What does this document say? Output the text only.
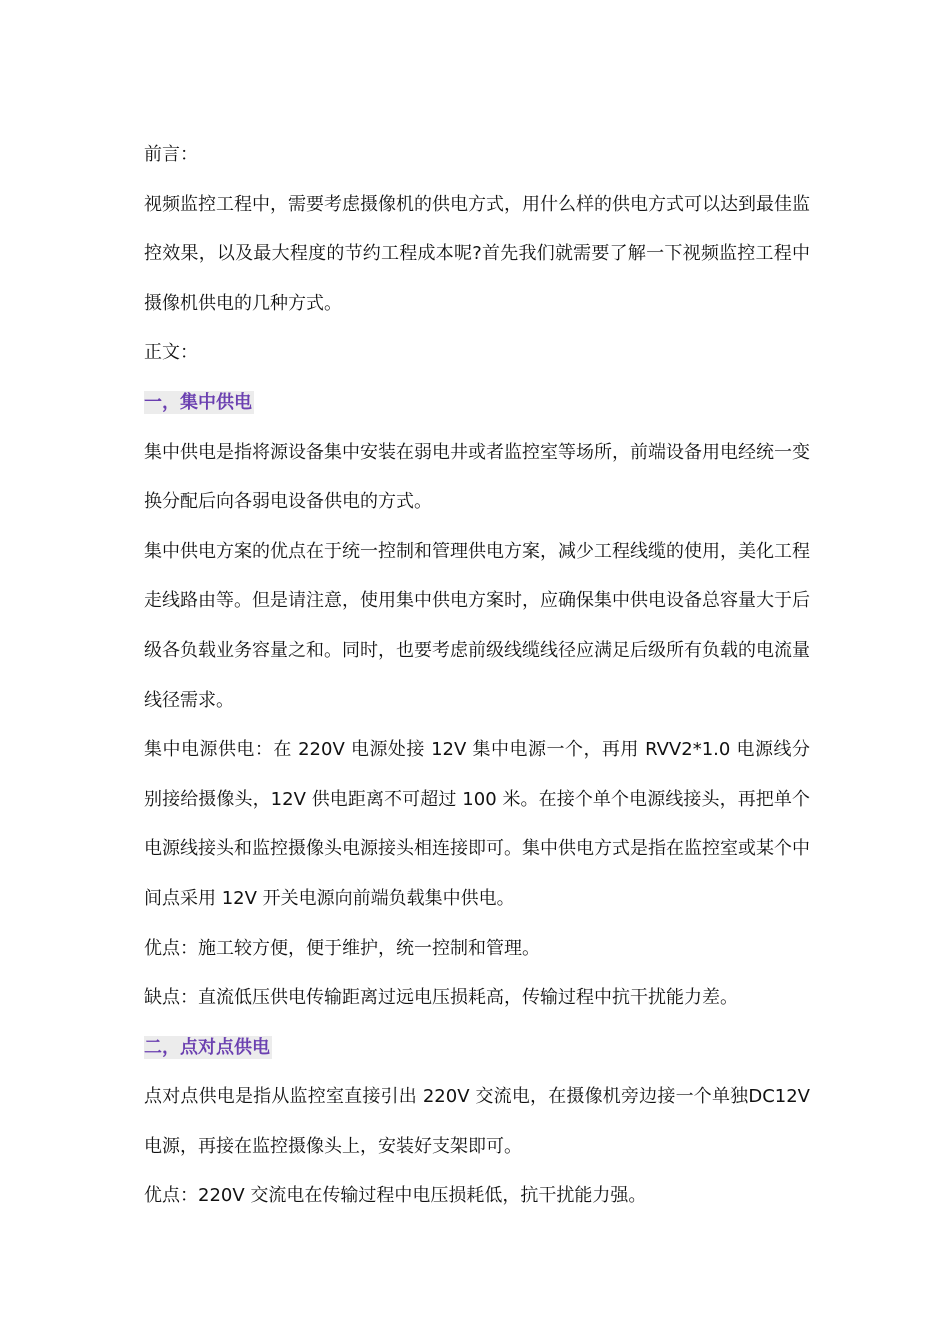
前言：

视频监控工程中，需要考虑摄像机的供电方式，用什么样的供电方式可以达到最佳监控效果，以及最大程度的节约工程成本呢?首先我们就需要了解一下视频监控工程中摄像机供电的几种方式。

正文：

一，集中供电

集中供电是指将源设备集中安装在弱电井或者监控室等场所，前端设备用电经统一变换分配后向各弱电设备供电的方式。

集中供电方案的优点在于统一控制和管理供电方案，减少工程线缆的使用，美化工程走线路由等。但是请注意，使用集中供电方案时，应确保集中供电设备总容量大于后级各负载业务容量之和。同时，也要考虑前级线缆线径应满足后级所有负载的电流量线径需求。

集中电源供电：在 220V 电源处接 12V 集中电源一个，再用 RVV2*1.0 电源线分别接给摄像头，12V 供电距离不可超过 100 米。在接个单个电源线接头，再把单个电源线接头和监控摄像头电源接头相连接即可。集中供电方式是指在监控室或某个中间点采用 12V 开关电源向前端负载集中供电。

优点：施工较方便，便于维护，统一控制和管理。

缺点：直流低压供电传输距离过远电压损耗高，传输过程中抗干扰能力差。

二，点对点供电

点对点供电是指从监控室直接引出 220V 交流电，在摄像机旁边接一个单独DC12V 电源，再接在监控摄像头上，安装好支架即可。

优点：220V 交流电在传输过程中电压损耗低，抗干扰能力强。
